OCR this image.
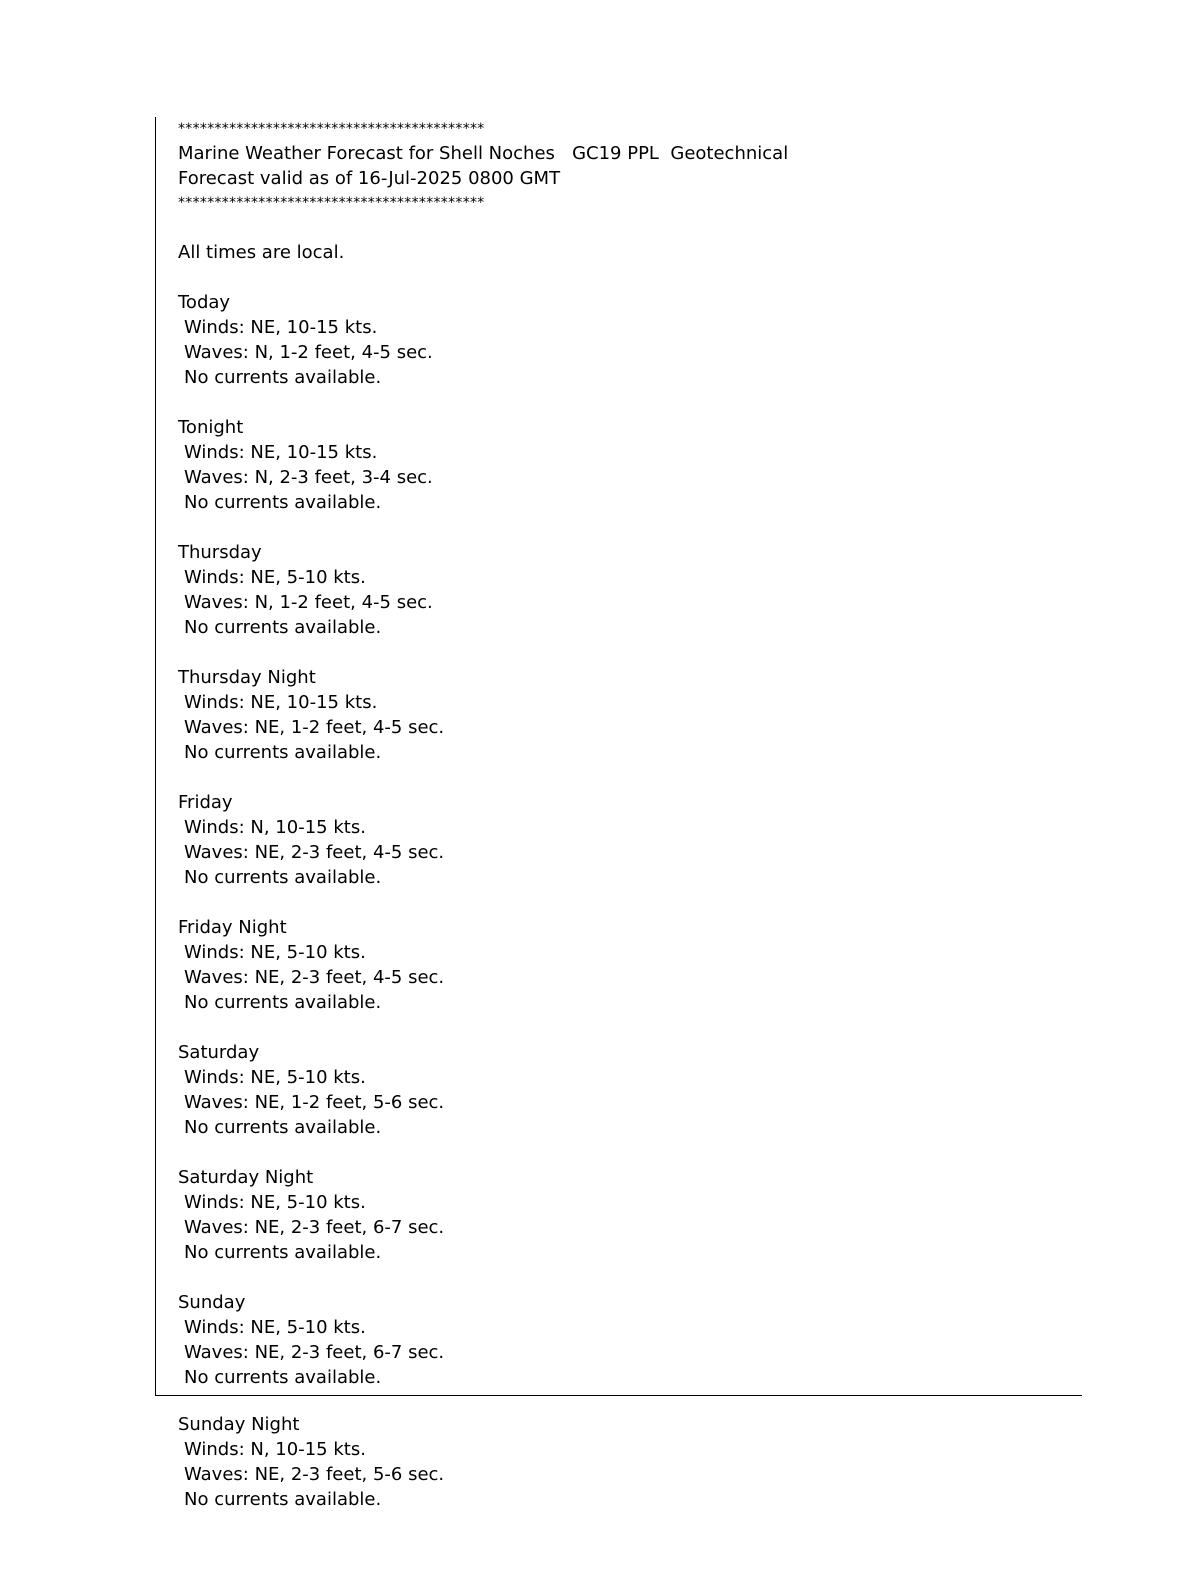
******************************************
Marine Weather Forecast for Shell Noches   GC19 PPL  Geotechnical
Forecast valid as of 16-Jul-2025 0800 GMT
******************************************
All times are local.
Today
Winds: NE, 10-15 kts.
Waves: N, 1-2 feet, 4-5 sec.
No currents available.
Tonight
Winds: NE, 10-15 kts.
Waves: N, 2-3 feet, 3-4 sec.
No currents available.
Thursday
Winds: NE, 5-10 kts.
Waves: N, 1-2 feet, 4-5 sec.
No currents available.
Thursday Night
Winds: NE, 10-15 kts.
Waves: NE, 1-2 feet, 4-5 sec.
No currents available.
Friday
Winds: N, 10-15 kts.
Waves: NE, 2-3 feet, 4-5 sec.
No currents available.
Friday Night
Winds: NE, 5-10 kts.
Waves: NE, 2-3 feet, 4-5 sec.
No currents available.
Saturday
Winds: NE, 5-10 kts.
Waves: NE, 1-2 feet, 5-6 sec.
No currents available.
Saturday Night
Winds: NE, 5-10 kts.
Waves: NE, 2-3 feet, 6-7 sec.
No currents available.
Sunday
Winds: NE, 5-10 kts.
Waves: NE, 2-3 feet, 6-7 sec.
No currents available.
Sunday Night
Winds: N, 10-15 kts.
Waves: NE, 2-3 feet, 5-6 sec.
No currents available.
